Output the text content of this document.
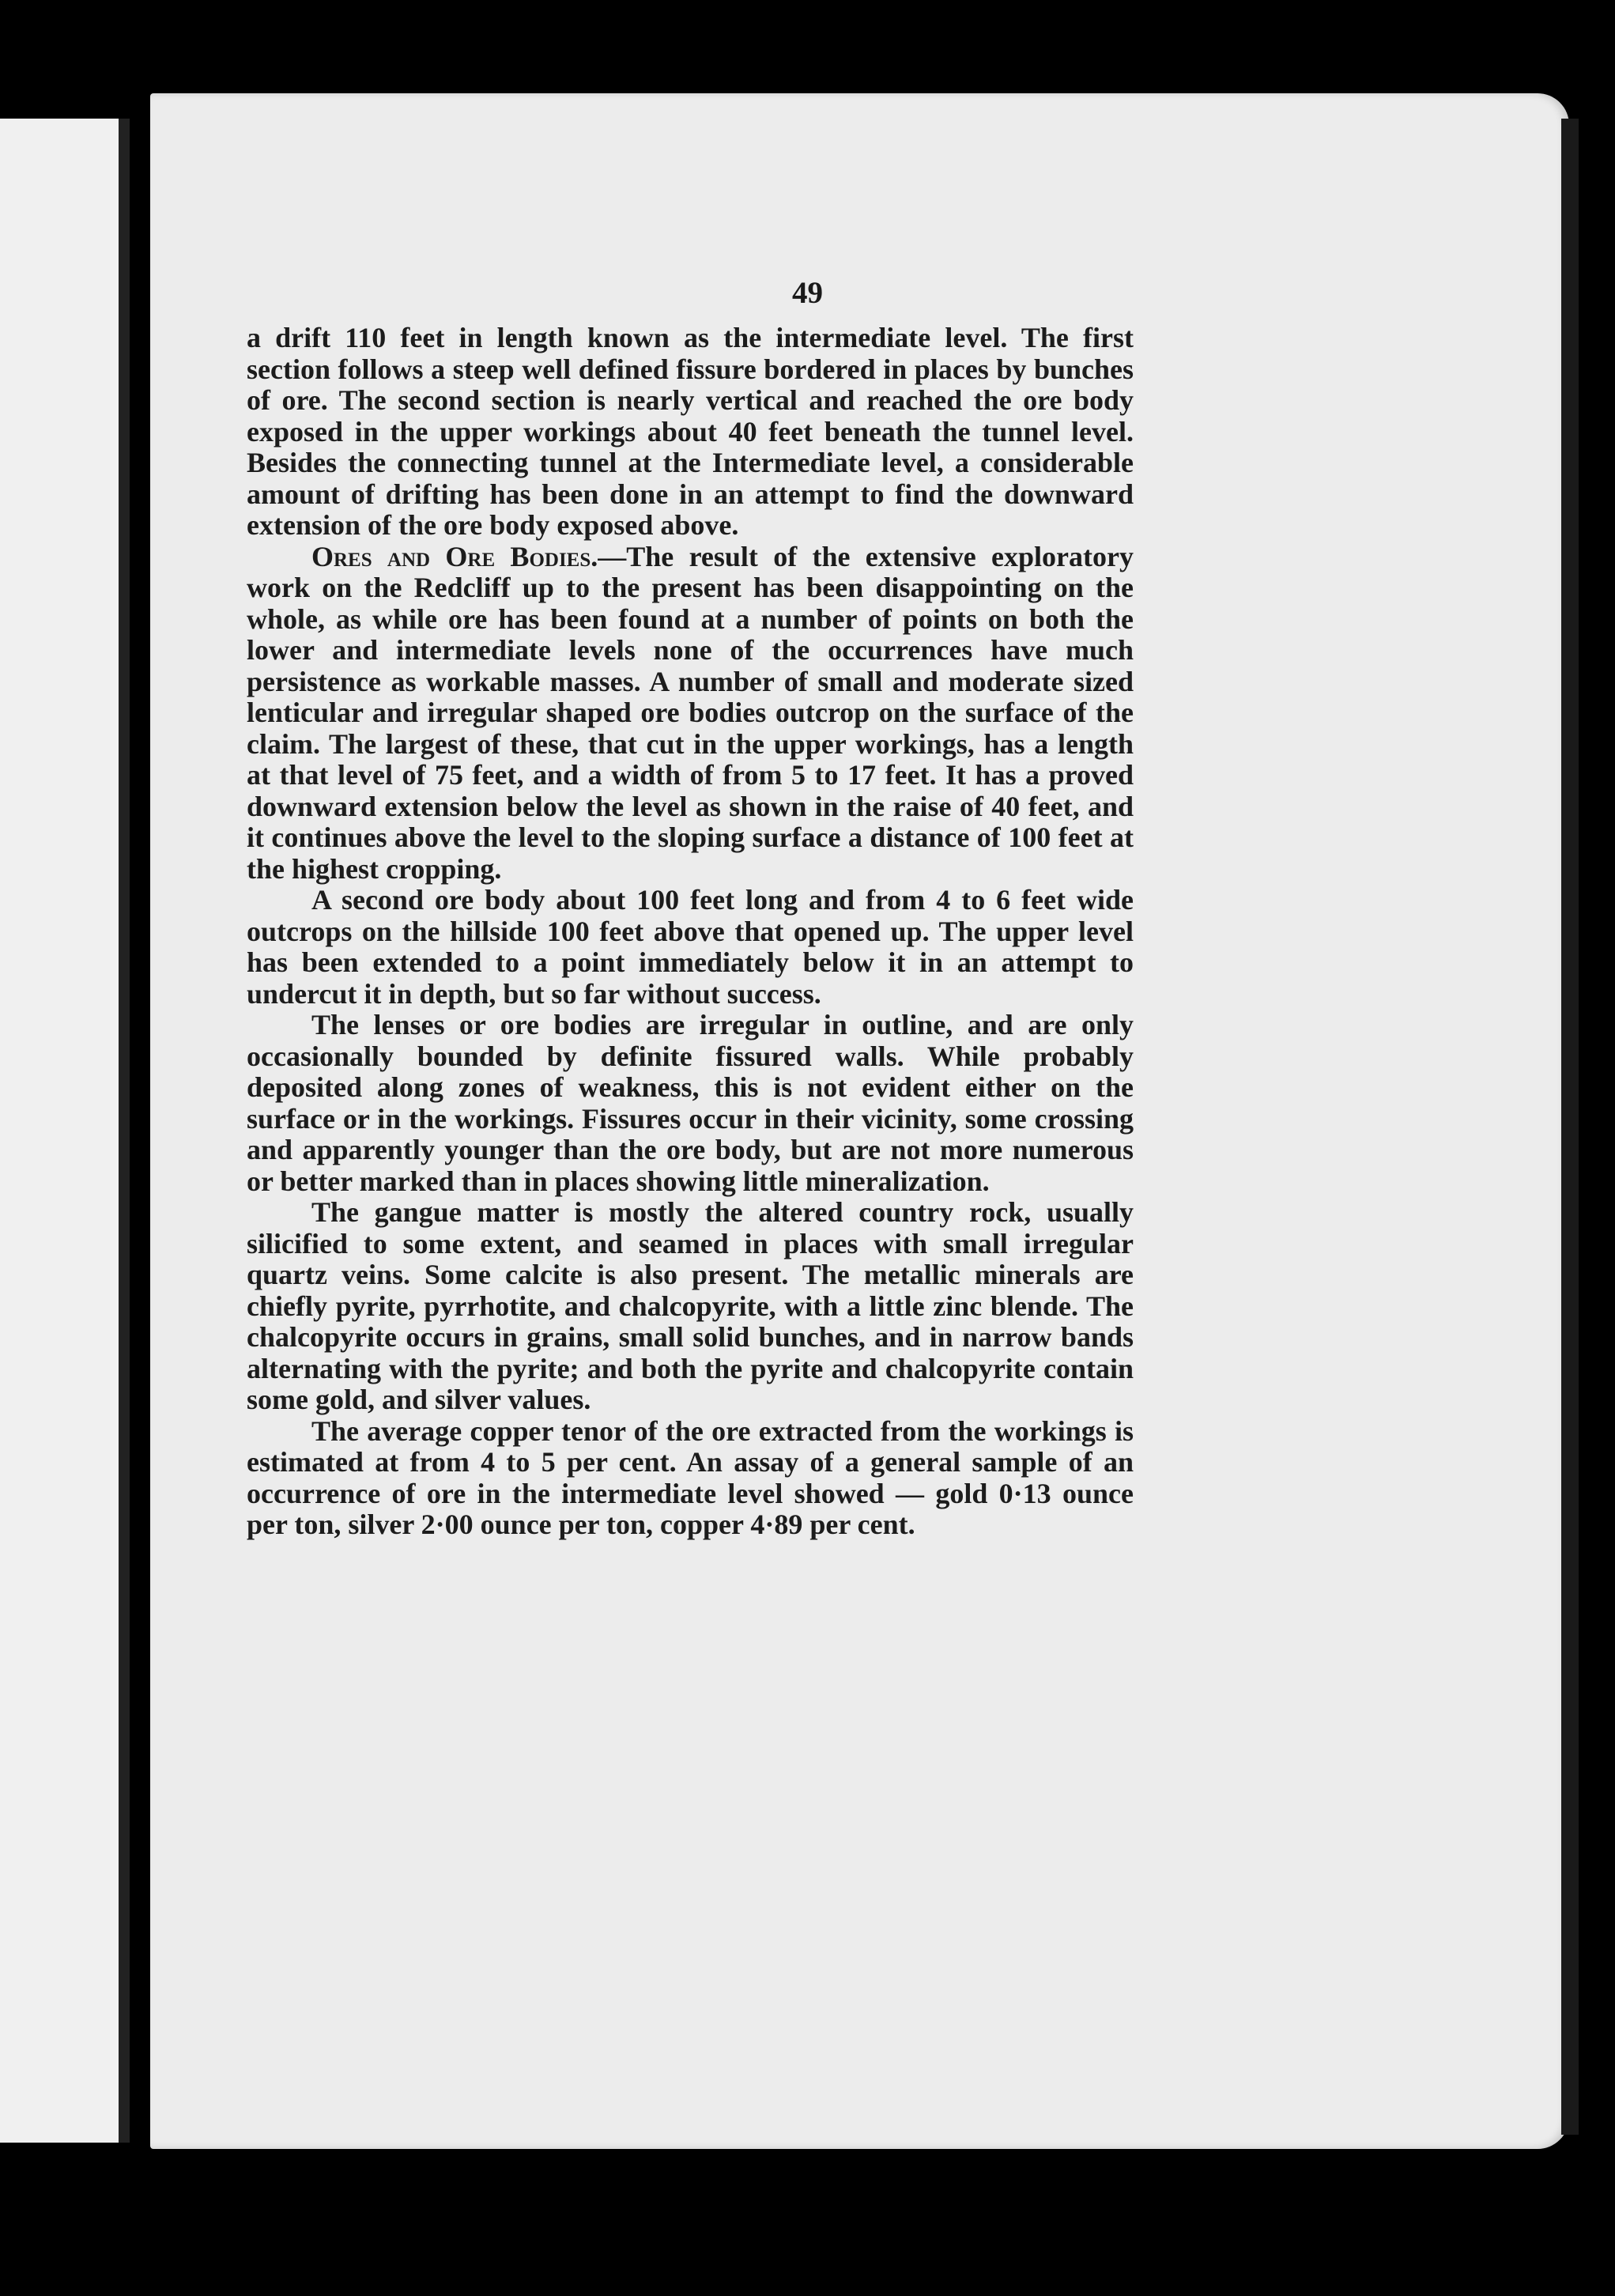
49

a drift 110 feet in length known as the intermediate level. The first section follows a steep well defined fissure bordered in places by bunches of ore. The second section is nearly vertical and reached the ore body exposed in the upper workings about 40 feet beneath the tunnel level. Besides the connecting tunnel at the Intermediate level, a considerable amount of drifting has been done in an attempt to find the downward extension of the ore body exposed above.

Ores and Ore Bodies.—The result of the extensive exploratory work on the Redcliff up to the present has been disappointing on the whole, as while ore has been found at a number of points on both the lower and intermediate levels none of the occurrences have much persistence as workable masses. A number of small and moderate sized lenticular and irregular shaped ore bodies outcrop on the surface of the claim. The largest of these, that cut in the upper workings, has a length at that level of 75 feet, and a width of from 5 to 17 feet. It has a proved downward extension below the level as shown in the raise of 40 feet, and it continues above the level to the sloping surface a distance of 100 feet at the highest cropping.

A second ore body about 100 feet long and from 4 to 6 feet wide outcrops on the hillside 100 feet above that opened up. The upper level has been extended to a point immediately below it in an attempt to undercut it in depth, but so far without success.

The lenses or ore bodies are irregular in outline, and are only occasionally bounded by definite fissured walls. While probably deposited along zones of weakness, this is not evident either on the surface or in the workings. Fissures occur in their vicinity, some crossing and apparently younger than the ore body, but are not more numerous or better marked than in places showing little mineralization.

The gangue matter is mostly the altered country rock, usually silicified to some extent, and seamed in places with small irregular quartz veins. Some calcite is also present. The metallic minerals are chiefly pyrite, pyrrhotite, and chalcopyrite, with a little zinc blende. The chalcopyrite occurs in grains, small solid bunches, and in narrow bands alternating with the pyrite; and both the pyrite and chalcopyrite contain some gold, and silver values.

The average copper tenor of the ore extracted from the workings is estimated at from 4 to 5 per cent. An assay of a general sample of an occurrence of ore in the intermediate level showed — gold 0·13 ounce per ton, silver 2·00 ounce per ton, copper 4·89 per cent.
